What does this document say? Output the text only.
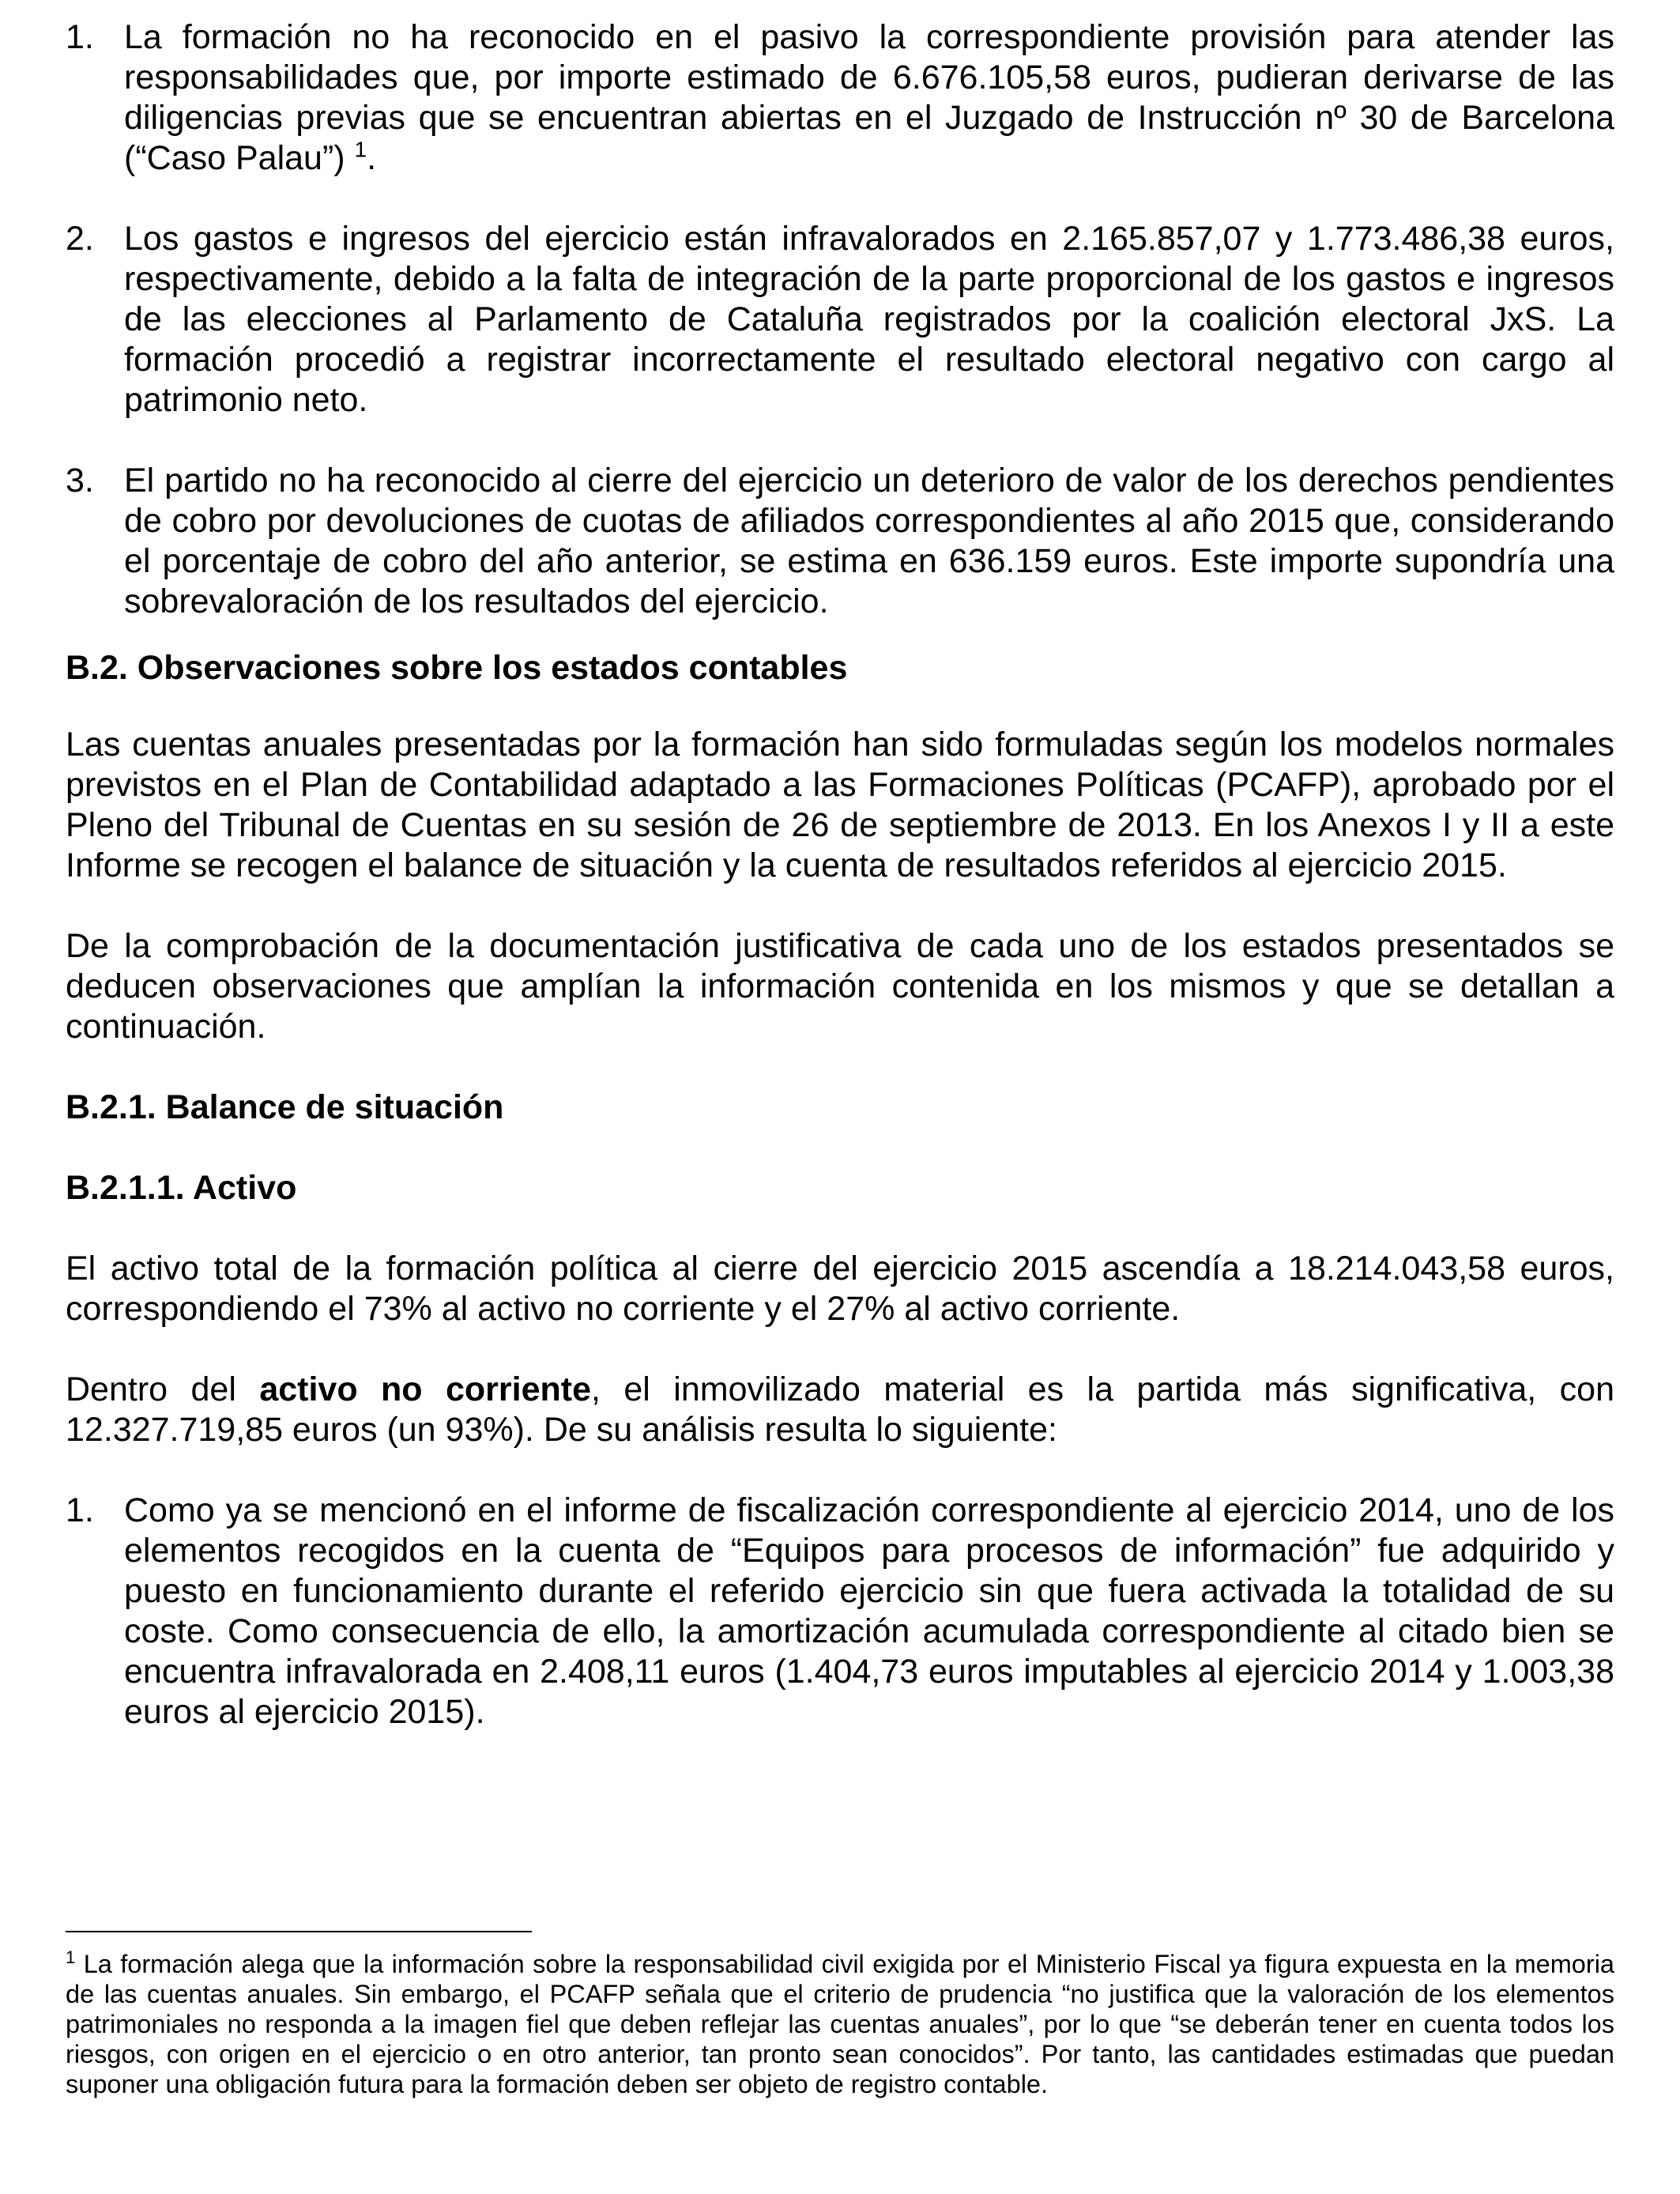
1. La formación no ha reconocido en el pasivo la correspondiente provisión para atender las responsabilidades que, por importe estimado de 6.676.105,58 euros, pudieran derivarse de las diligencias previas que se encuentran abiertas en el Juzgado de Instrucción nº 30 de Barcelona (“Caso Palau”) $^1$.
2. Los gastos e ingresos del ejercicio están infravalorados en 2.165.857,07 y 1.773.486,38 euros, respectivamente, debido a la falta de integración de la parte proporcional de los gastos e ingresos de las elecciones al Parlamento de Cataluña registrados por la coalición electoral JxS. La formación procedió a registrar incorrectamente el resultado electoral negativo con cargo al patrimonio neto.
3. El partido no ha reconocido al cierre del ejercicio un deterioro de valor de los derechos pendientes de cobro por devoluciones de cuotas de afiliados correspondientes al año 2015 que, considerando el porcentaje de cobro del año anterior, se estima en 636.159 euros. Este importe supondría una sobrevaloración de los resultados del ejercicio.

B.2. Observaciones sobre los estados contables

Las cuentas anuales presentadas por la formación han sido formuladas según los modelos normales previstos en el Plan de Contabilidad adaptado a las Formaciones Políticas (PCAFP), aprobado por el Pleno del Tribunal de Cuentas en su sesión de 26 de septiembre de 2013. En los Anexos I y II a este Informe se recogen el balance de situación y la cuenta de resultados referidos al ejercicio 2015.

De la comprobación de la documentación justificativa de cada uno de los estados presentados se deducen observaciones que amplían la información contenida en los mismos y que se detallan a continuación.

B.2.1. Balance de situación

B.2.1.1. Activo

El activo total de la formación política al cierre del ejercicio 2015 ascendía a 18.214.043,58 euros, correspondiendo el 73% al activo no corriente y el 27% al activo corriente.

Dentro del activo no corriente, el inmovilizado material es la partida más significativa, con 12.327.719,85 euros (un 93%). De su análisis resulta lo siguiente:

1. Como ya se mencionó en el informe de fiscalización correspondiente al ejercicio 2014, uno de los elementos recogidos en la cuenta de “Equipos para procesos de información” fue adquirido y puesto en funcionamiento durante el referido ejercicio sin que fuera activada la totalidad de su coste. Como consecuencia de ello, la amortización acumulada correspondiente al citado bien se encuentra infravalorada en 2.408,11 euros (1.404,73 euros imputables al ejercicio 2014 y 1.003,38 euros al ejercicio 2015).
$^1$ La formación alega que la información sobre la responsabilidad civil exigida por el Ministerio Fiscal ya figura expuesta en la memoria de las cuentas anuales. Sin embargo, el PCAFP señala que el criterio de prudencia “no justifica que la valoración de los elementos patrimoniales no responda a la imagen fiel que deben reflejar las cuentas anuales”, por lo que “se deberán tener en cuenta todos los riesgos, con origen en el ejercicio o en otro anterior, tan pronto sean conocidos”. Por tanto, las cantidades estimadas que puedan suponer una obligación futura para la formación deben ser objeto de registro contable.
